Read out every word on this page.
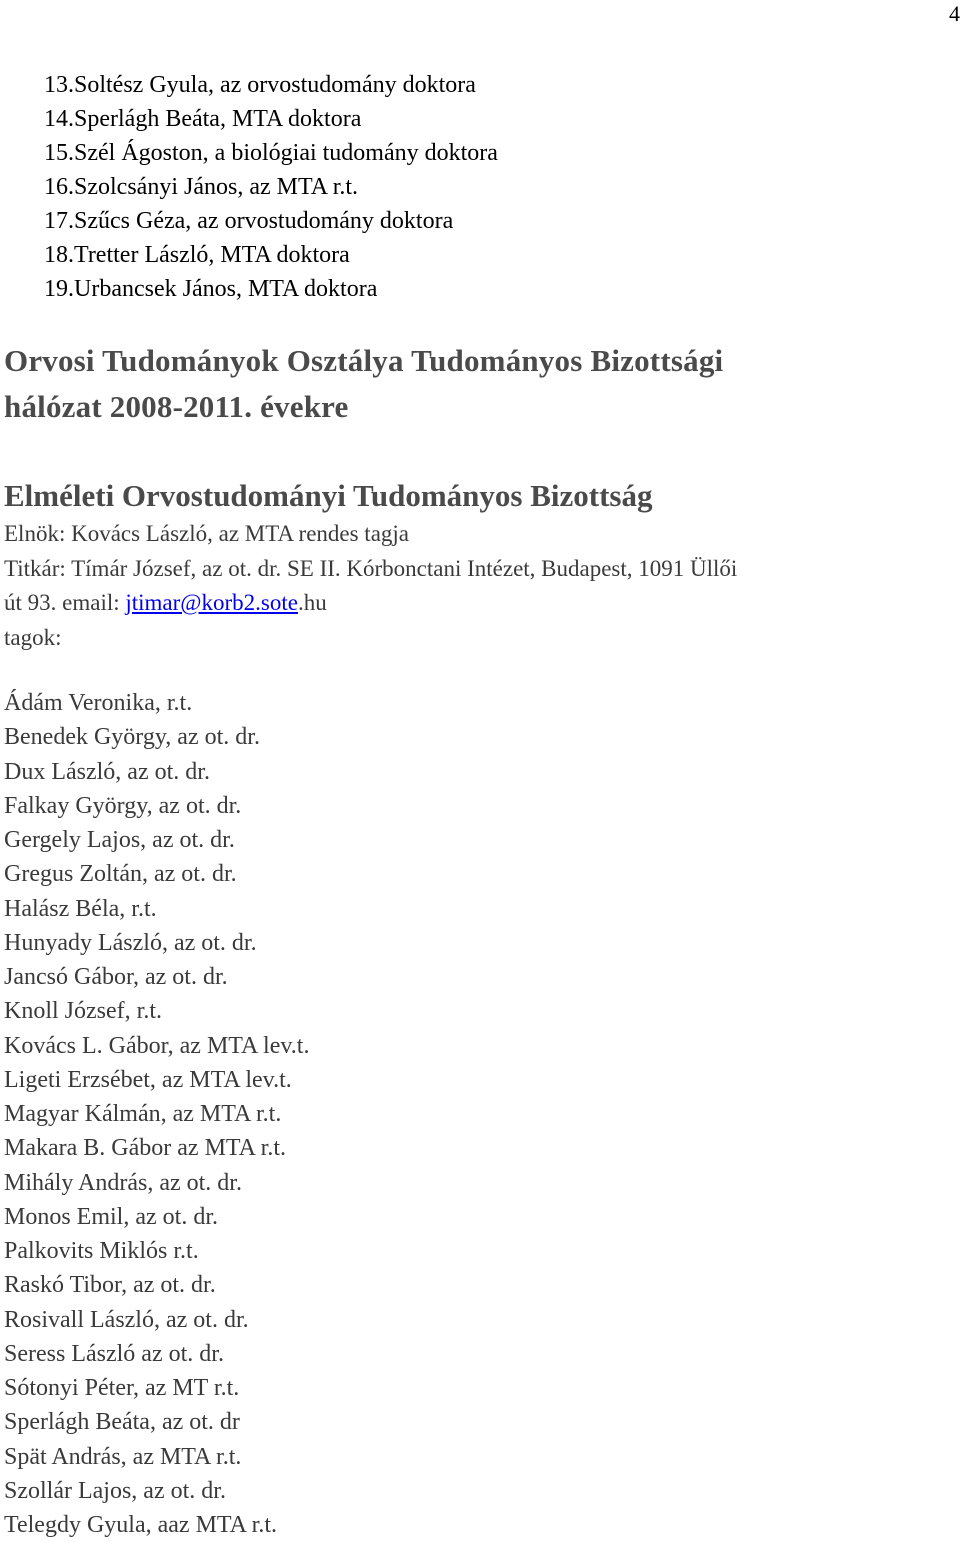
4
13.Soltész Gyula, az orvostudomány doktora
14.Sperlágh Beáta, MTA doktora
15.Szél Ágoston, a biológiai tudomány doktora
16.Szolcsányi János, az MTA r.t.
17.Szűcs Géza, az orvostudomány doktora
18.Tretter László, MTA doktora
19.Urbancsek János, MTA doktora
Orvosi Tudományok Osztálya Tudományos Bizottsági
hálózat 2008-2011. évekre
Elméleti Orvostudományi Tudományos Bizottság
Elnök: Kovács László, az MTA rendes tagja
Titkár: Tímár József, az ot. dr. SE II. Kórbonctani Intézet, Budapest, 1091 Üllői
út 93. email: jtimar@korb2.sote.hu
tagok:
Ádám Veronika, r.t.
Benedek György, az ot. dr.
Dux László, az ot. dr.
Falkay György, az ot. dr.
Gergely Lajos, az ot. dr.
Gregus Zoltán, az ot. dr.
Halász Béla, r.t.
Hunyady László, az ot. dr.
Jancsó Gábor, az ot. dr.
Knoll József, r.t.
Kovács L. Gábor, az MTA lev.t.
Ligeti Erzsébet, az MTA lev.t.
Magyar Kálmán, az MTA r.t.
Makara B. Gábor az MTA r.t.
Mihály András, az ot. dr.
Monos Emil, az ot. dr.
Palkovits Miklós r.t.
Raskó Tibor, az ot. dr.
Rosivall László, az ot. dr.
Seress László az ot. dr.
Sótonyi Péter, az MT r.t.
Sperlágh Beáta, az ot. dr
Spät András, az MTA r.t.
Szollár Lajos, az ot. dr.
Telegdy Gyula, aaz MTA r.t.
